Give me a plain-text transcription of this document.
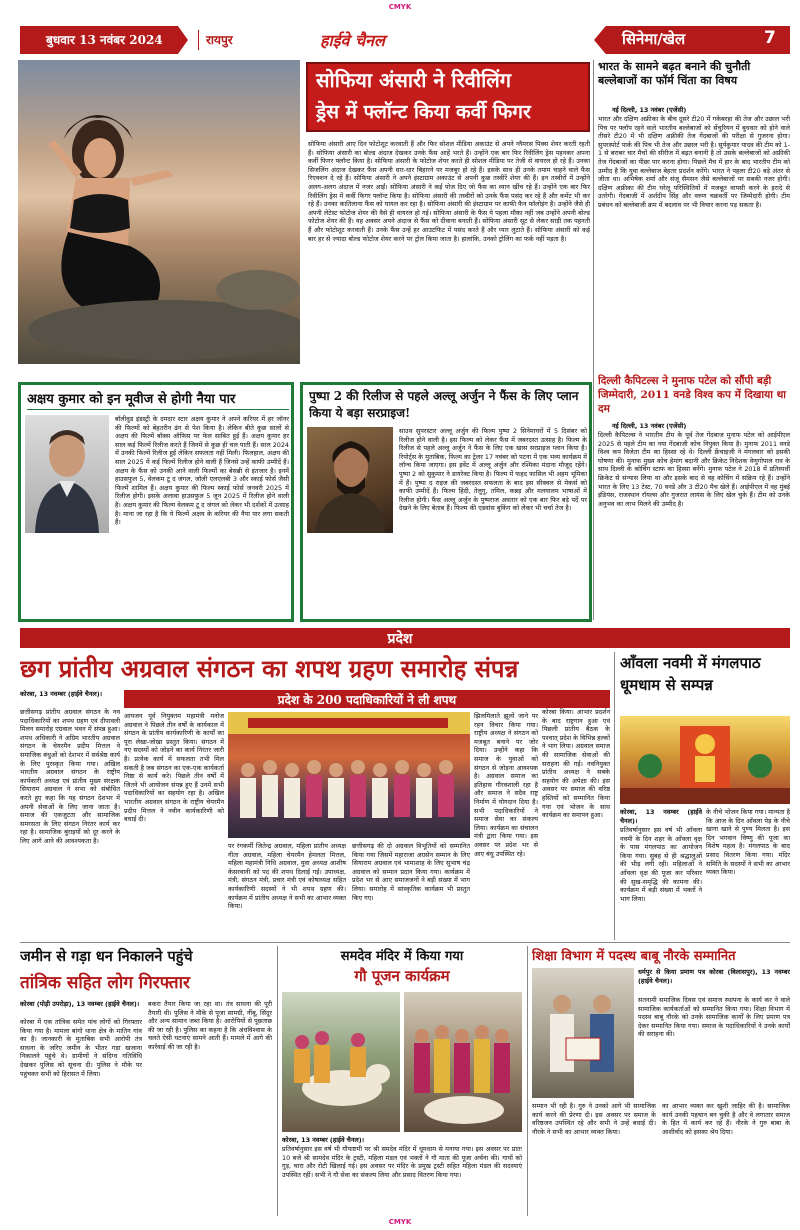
CMYK
बुधवार 13 नवंबर 2024	रायपुर	हाईवे चैनल	सिनेमा/खेल	7
सोफिया अंसारी ने रिवीलिंग
ड्रेस में फ्लॉन्ट किया कर्वी फिगर
सोफिया अंसारी आए दिन फोटोशूट करवाती हैं और फिर सोशल मीडिया अकाउंट से अपने ग्लैमरस पिक्स शेयर करती रहती हैं। सोफिया अंसारी का बोल्ड अंदाज देखकर उनके फैंस आहें भरते हैं। उन्होंने एक बार फिर रिवीलिंग ड्रेस पहनकर अपना कर्वी फिगर फ्लॉन्ट किया है। सोफिया अंसारी के फोटोज शेयर करते ही सोशल मीडिया पर तेजी से वायरल हो रहे हैं। उनका सिजलिंग अंदाज देखकर फैंस अपनी धार-धार बिहारने पर मजबूर हो रहे हैं। इसके साथ ही उनके तमाम चाहने वाले फैंस रिएक्शन दे रहे हैं। सोफिया अंसारी ने अपने इंस्टाग्राम अकाउंट से अपनी कुछ तस्वीरें शेयर की हैं। इन तस्वीरों में उन्होंने अलग-अलग अंदाज में नजर आईं। सोफिया अंसारी ने कई पोज दिए जो फैंस का ध्यान खींच रहे हैं। उन्होंने एक बार फिर रिवीलिंग ड्रेस में कर्वी फिगर फ्लॉन्ट किया है। सोफिया अंसारी की तस्वीरों को उनके फैंस पसंद कर रहे हैं और कमेंट भी कर रहे हैं। उनका कातिलाना फैंस को घायल कर रहा है। सोफिया अंसारी की इंस्टाग्राम पर काफी फैन फॉलोइंग है। उन्होंने जैसे ही अपनी लेटेस्ट फोटोज शेयर की वैसे ही वायरल हो गई। सोफिया अंसारी के फैंस ये पहला मौका नहीं जब उन्होंने अपनी बोल्ड फोटोज शेयर की हैं। वह अक्सर अपने अंदाज से फैंस को दीवाना बनाती हैं। सोफिया अंसारी सूट से लेकर साड़ी तक पहनती हैं और फोटोशूट करवाती हैं। उनके फैंस उन्हें हर आउटफिट में पसंद करते हैं और प्यार लुटाते हैं। सोफिया अंसारी को कई बार हर से ज्यादा बोल्ड फोटोज शेयर करने पर ट्रोल किया जाता है। हालांकि, उनको ट्रोलिंग का फर्क नहीं पड़ता है।
भारत के सामने बढ़त बनाने की चुनौती बल्लेबाजों का फॉर्म चिंता का विषय
नई दिल्ली, 13 नवंबर (एजेंसी)
भारत और दक्षिण अफ्रीका के बीच दूसरे टी20 में गकेबरहा की तेज और उछाल भरी पिच पर फ्लॉप रहने वाले भारतीय बल्लेबाजों को सेंचुरियन में बुधवार को होने वाले तीसरे टी20 में भी दक्षिण अफ्रीकी तेज गेंदबाजों की परीक्षा से गुजरना होगा। सुपरस्पोर्ट पार्क की पिच भी तेज और उछाल भरी है। सूर्यकुमार यादव की टीम को 1-1 से बराबर चार मैचों की सीरीज में बढ़त बनानी है तो उसके बल्लेबाजों को अफ्रीकी तेज गेंदबाजों का पीछा पार करना होगा। पिछले मैच में हार के बाद भारतीय टीम को उम्मीद है कि युवा बल्लेबाज बेहतर प्रदर्शन करेंगे। भारत ने पहला टी20 बड़े अंतर से जीता था। अभिषेक शर्मा और संजू सैमसन जैसे बल्लेबाजों पर सबकी नजर होगी। दक्षिण अफ्रीका की टीम घरेलू परिस्थितियों में मजबूत वापसी करने के इरादे से उतरेगी। गेंदबाजी में अर्शदीप सिंह और वरुण चक्रवर्ती पर जिम्मेदारी होगी। टीम प्रबंधन को बल्लेबाजी क्रम में बदलाव पर भी विचार करना पड़ सकता है।
दिल्ली कैपिटल्स ने मुनाफ पटेल को सौंपी बड़ी जिम्मेदारी, 2011 वनडे विश्व कप में दिखाया था दम
नई दिल्ली, 13 नवंबर (एजेंसी)
दिल्ली कैपिटल्स ने भारतीय टीम के पूर्व तेज गेंदबाज मुनाफ पटेल को आईपीएल 2025 से पहले टीम का नया गेंदबाजी कोच नियुक्त किया है। मुनाफ 2011 वनडे विश्व कप विजेता टीम का हिस्सा रहे थे। दिल्ली फ्रेंचाइजी ने मंगलवार को इसकी घोषणा की। मुनाफ मुख्य कोच हेमांग बदानी और क्रिकेट निदेशक वेणुगोपाल राव के साथ दिल्ली के कोचिंग स्टाफ का हिस्सा बनेंगे। मुनाफ पटेल ने 2018 में प्रतिस्पर्धी क्रिकेट से संन्यास लिया था और इसके बाद से वह कोचिंग में सक्रिय रहे हैं। उन्होंने भारत के लिए 13 टेस्ट, 70 वनडे और 3 टी20 मैच खेले हैं। आईपीएल में वह मुंबई इंडियंस, राजस्थान रॉयल्स और गुजरात लायंस के लिए खेल चुके हैं। टीम को उनके अनुभव का लाभ मिलने की उम्मीद है।
अक्षय कुमार को इन मूवीज से होगी नैया पार
बॉलीवुड इंडस्ट्री के दमदार स्टार अक्षय कुमार ने अपने करियर में हर जॉनर की फिल्मों को बेहतरीन ढंग से पेश किया है। लेकिन बीते कुछ सालों से अक्षय की फिल्में बॉक्स ऑफिस पर फेल साबित हुई हैं। अक्षय कुमार हर साल कई फिल्में रिलीज करते हैं जिनमें से कुछ ही चल पाती हैं। साल 2024 में उनकी फिल्में रिलीज हुईं लेकिन सफलता नहीं मिली। फिलहाल, अक्षय की साल 2025 में कई फिल्में रिलीज होने वाली हैं जिनसे उन्हें काफी उम्मीदें हैं। अक्षय के फैंस को उनकी आने वाली फिल्मों का बेसब्री से इंतजार है। इनमें हाउसफुल 5, वेलकम टू द जंगल, जॉली एलएलबी 3 और स्काई फोर्स जैसी फिल्में शामिल हैं। अक्षय कुमार की फिल्म स्काई फोर्स जनवरी 2025 में रिलीज होगी। इसके अलावा हाउसफुल 5 जून 2025 में रिलीज होने वाली है। अक्षय कुमार की फिल्म वेलकम टू द जंगल को लेकर भी दर्शकों में उत्साह है। माना जा रहा है कि ये फिल्में अक्षय के करियर की नैया पार लगा सकती हैं।
पुष्पा 2 की रिलीज से पहले अल्लू अर्जुन ने फैंस के लिए प्लान किया ये बड़ा सरप्राइज!
साउथ सुपरस्टार अल्लू अर्जुन की फिल्म पुष्पा 2 सिनेमाघरों में 5 दिसंबर को रिलीज होने वाली है। इस फिल्म को लेकर फैंस में जबरदस्त उत्साह है। फिल्म के रिलीज से पहले अल्लू अर्जुन ने फैंस के लिए एक खास सरप्राइज प्लान किया है। रिपोर्ट्स के मुताबिक, फिल्म का ट्रेलर 17 नवंबर को पटना में एक भव्य कार्यक्रम में लॉन्च किया जाएगा। इस इवेंट में अल्लू अर्जुन और रश्मिका मंदाना मौजूद रहेंगे। पुष्पा 2 को सुकुमार ने डायरेक्ट किया है। फिल्म में फहद फासिल भी अहम भूमिका में हैं। पुष्पा द राइज की जबरदस्त सफलता के बाद इस सीक्वल से मेकर्स को काफी उम्मीदें हैं। फिल्म हिंदी, तेलुगु, तमिल, कन्नड़ और मलयालम भाषाओं में रिलीज होगी। फैंस अल्लू अर्जुन के पुष्पराज अवतार को एक बार फिर बड़े पर्दे पर देखने के लिए बेताब हैं। फिल्म की एडवांस बुकिंग को लेकर भी चर्चा तेज है।
प्रदेश
छग प्रांतीय अग्रवाल संगठन का शपथ ग्रहण समारोह संपन्न
प्रदेश के 200 पदाधिकारियों ने ली शपथ
कोरबा, 13 नवम्बर (हाईवे चैनल)।
छत्तीसगढ़ प्रांतीय अग्रवाल संगठन के नव पदाधिकारियों का शपथ ग्रहण एवं दीपावली मिलन समारोह एग्रवाल भवन में संपन्न हुआ। शपथ अधिकारी ने अग्रिम भारतीय अग्रवाल संगठन के चेयरमैन प्रदीप मित्तल ने समाजिक बंधुओं को देशभर में सर्वश्रेष्ठ कार्य के लिए पुरस्कृत किया गया। अखिल भारतीय अग्रवाल संगठन के राष्ट्रीय कार्यकारी अध्यक्ष एवं प्रांतीय मुख्य संरक्षक सियाराम अग्रवाल ने सभा को संबोधित करते हुए कहा कि यह संगठन देशभर में अपनी सेवाओं के लिए जाना जाता है। समाज की एकजुटता और सामाजिक समरसता के लिए संगठन निरंतर कार्य कर रहा है। सामाजिक बुराइयों को दूर करने के लिए आगे आने की आवश्यकता है।
आयजन पूर्व नियुक्तम महामंत्री मनोज अग्रवाल ने पिछले तीन वर्षों के कार्यकाल में संगठन के प्रांतीय कार्यकारिणी के कार्यों का पूरा लेखा-जोखा प्रस्तुत किया। संगठन में नए सदस्यों को जोड़ने का कार्य निरंतर जारी है। प्रत्येक कार्य में सफलता तभी मिल सकती है जब संगठन का एक-एक कार्यकर्ता निष्ठा से कार्य करे। पिछले तीन वर्षों में जितने भी आयोजन संपन्न हुए हैं उनमें सभी पदाधिकारियों का सहयोग रहा है। अखिल भारतीय अग्रवाल संगठन के राष्ट्रीय चेयरमैन प्रदीप मित्तल ने नवीन कार्यकारिणी को बधाई दी।
पर रंगकर्मी जितेन्द्र अग्रवाल, महिला प्रांतीय अध्यक्ष गीता अग्रवाल, महिला चेयरमैन हेमलता मित्तल, महिला महामंत्री निधि अग्रवाल, युवा अध्यक्ष आशीष केसरवानी को पद की शपथ दिलाई गई। उपाध्यक्ष, मंत्री, संगठन मंत्री, प्रचार मंत्री एवं कोषाध्यक्ष सहित कार्यकारिणी सदस्यों ने भी शपथ ग्रहण की। कार्यक्रम में प्रांतीय अध्यक्ष ने सभी का आभार व्यक्त किया।
छत्तीसगढ़ की दो अग्रवाल विभूतियों को सम्मानित किया गया जिसमें महाराजा अग्रसेन सम्मान के लिए सियाराम अग्रवाल एवं भामाशाह के लिए सुभाष चंद्र अग्रवाल को सम्मान प्रदान किया गया। कार्यक्रम में प्रदेश भर से आए समाजजनों ने बड़ी संख्या में भाग लिया। समारोह में सांस्कृतिक कार्यक्रम भी प्रस्तुत किए गए।
झिलमिलाते झूलों जाने पर रहन विचार किया गया। राष्ट्रीय अध्यक्ष ने संगठन को मजबूत बनाने पर जोर दिया। उन्होंने कहा कि समाज के युवाओं को संगठन से जोड़ना आवश्यक है। अग्रवाल समाज का इतिहास गौरवशाली रहा है और समाज ने सदैव राष्ट्र निर्माण में योगदान दिया है। सभी पदाधिकारियों ने समाज सेवा का संकल्प लिया। कार्यक्रम का संचालन मंत्री द्वारा किया गया। इस अवसर पर प्रदेश भर से आए बंधु उपस्थित रहे।
कोरबा किया। आभार प्रदर्शन के बाद राष्ट्रगान हुआ एवं पिछली प्रांतीय बैठक के पश्चात् प्रदेश के विभिन्न हल्कों ने भाग लिया। अग्रवाल समाज की सामाजिक सेवाओं की सराहना की गई। नवनियुक्त प्रांतीय अध्यक्ष ने सबके सहयोग की अपेक्षा की। इस अवसर पर समाज की वरिष्ठ हस्तियों को सम्मानित किया गया एवं भोजन के साथ कार्यक्रम का समापन हुआ।
आँवला नवमी में मंगलपाठ धूमधाम से सम्पन्न
कोरबा, 13 नवम्बर (हाईवे चैनल)।
प्रतिवर्षानुसार इस वर्ष भी आँवला नवमी के दिन शहर के आँवला वृक्ष के पास मंगलपाठ का आयोजन किया गया। सुबह से ही श्रद्धालुओं की भीड़ लगी रही। महिलाओं ने आँवला वृक्ष की पूजा कर परिवार की सुख-समृद्धि की कामना की। कार्यक्रम में बड़ी संख्या में भक्तों ने भाग लिया।
के नीचे भोजन किया गया। मान्यता है कि आज के दिन आँवला पेड़ के नीचे खाना खाने से पुण्य मिलता है। इस दिन भगवान विष्णु की पूजा का विशेष महत्व है। मंगलपाठ के बाद प्रसाद वितरण किया गया। मंदिर समिति के सदस्यों ने सभी का आभार व्यक्त किया।
जमीन से गड़ा धन निकालने पहुंचे
तांत्रिक सहित लोग गिरफ्तार
कोरबा (पोड़ी उपरोड़ा), 13 नवम्बर (हाईवे चैनल)।
कोरबा में एक तांत्रिक समेत पांच लोगों को गिरफ्तार किया गया है। मामला बांगो थाना क्षेत्र के मातिन गांव का है। जानकारी के मुताबिक सभी आरोपी तंत्र साधना के जरिए जमीन के भीतर गड़ा खजाना निकालने पहुंचे थे। ग्रामीणों ने संदिग्ध गतिविधि देखकर पुलिस को सूचना दी। पुलिस ने मौके पर पहुंचकर सभी को हिरासत में लिया।
बकरा तैयार किया जा रहा था। तंत्र साधना की पूरी तैयारी थी। पुलिस ने मौके से पूजा सामग्री, नींबू, सिंदूर और अन्य सामान जब्त किया है। आरोपियों से पूछताछ की जा रही है। पुलिस का कहना है कि अंधविश्वास के चलते ऐसी घटनाएं सामने आती हैं। मामले में आगे की कार्रवाई की जा रही है।
समदेव मंदिर में किया गया
गौ पूजन कार्यक्रम
कोरबा, 13 नवम्बर (हाईवे चैनल)।
प्रतिवर्षानुसार इस वर्ष भी गौपाष्टमी पर श्री समदेव मंदिर में धूमधाम से मनाया गया। इस अवसर पर प्रातः 10 बजे श्री सामदेव मंदिर के ट्रस्टी, महिला मंडल एवं भक्तों ने गौ माता की पूजा अर्चना की। गायों को गुड़, चारा और रोटी खिलाई गई। इस अवसर पर मंदिर के प्रमुख ट्रस्टी सहित महिला मंडल की सदस्याएं उपस्थित रहीं। सभी ने गौ सेवा का संकल्प लिया और प्रसाद वितरण किया गया।
शिक्षा विभाग में पदस्थ बाबू नौरके सम्मानित
धर्मपुर से किया प्रमाण पत्र कोरबा (बिलासपुर), 13 नवम्बर (हाईवे चैनल)।
सतनामी समाजिक दिवस एवं समाज स्थापना के कार्य कर ने वाले सामाजिक कार्यकर्ताओं को सम्मानित किया गया। शिक्षा विभाग में पदस्थ बाबू नौरके को उनके सामाजिक कार्यों के लिए प्रमाण पत्र देकर सम्मानित किया गया। समाज के पदाधिकारियों ने उनके कार्यों की सराहना की।
सम्मान भी रही है। गुरु ने उनको आगे भी सामाजिक कार्य करने की प्रेरणा दी। इस अवसर पर समाज के वरिष्ठजन उपस्थित रहे और सभी ने उन्हें बधाई दी। नौरके ने सभी का आभार व्यक्त किया।
का आभार व्यक्त कर खुशी जाहिर की है। सामाजिक कार्य उनकी पहचान बन चुकी है और वे लगातार समाज के हित में कार्य कर रहे हैं। नौरके ने गुरु बाबा के आशीर्वाद को इसका श्रेय दिया।
CMYK
